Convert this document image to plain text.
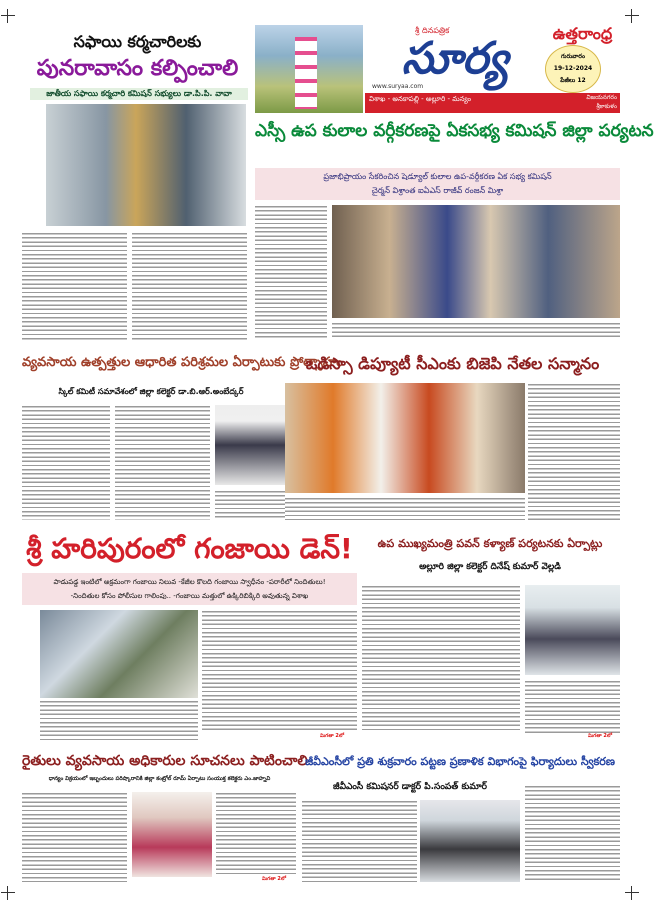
శ్రీ దినపత్రిక
సూర్య
www.suryaa.com
ఉత్తరాంధ్ర
గురువారం
19-12-2024
పేజీలు 12
విశాఖ - అనకాపల్లి - అల్లూరి - మన్యం	విజయనగరం
శ్రీకాకుళం
సఫాయి కర్మచారిలకు
పునరావాసం కల్పించాలి
జాతీయ సఫాయి కర్మచారి కమిషన్ సభ్యులు డా.పి.పి. వావా
ఎస్సీ ఉప కులాల వర్గీకరణపై ఏకసభ్య కమిషన్ జిల్లా పర్యటన
ప్రజాభిప్రాయం సేకరించిన షెడ్యూల్ కులాల ఉప-వర్గీకరణ ఏక సభ్య కమిషన్
చైర్మన్ విశ్రాంత ఐఏఎస్ రాజీవ్ రంజన్ మిశ్రా
వ్యవసాయ ఉత్పత్తుల ఆధారిత పరిశ్రమల ఏర్పాటుకు ప్రోత్సాహం
స్కిల్ కమిటీ సమావేశంలో జిల్లా కలెక్టర్ డా.బి.ఆర్.అంబేద్కర్
ఒడిస్సా డిప్యూటీ సీఎంకు బిజెపి నేతల సన్మానం
శ్రీ హరిపురంలో గంజాయి డెన్!
పాడుపడ్డ ఇంటిలో అక్రమంగా గంజాయి నిలువ -కేజీల కొలది గంజాయి స్వాధీనం -పరారీలో నిందితులు!
-నిందితుల కోసం పోలీసుల గాలింపు.. -గంజాయి మత్తులో ఉక్కిరిబిక్కిరి అవుతున్న విశాఖ
మిగతా 2లో
ఉప ముఖ్యమంత్రి పవన్ కళ్యాణ్ పర్యటనకు ఏర్పాట్లు
అల్లూరి జిల్లా కలెక్టర్ దినేష్ కుమార్ వెల్లడి
మిగతా 2లో
రైతులు వ్యవసాయ అధికారుల సూచనలు పాటించాలి
ధాన్యం విక్రయంలో ఇబ్బందులు పరిష్కారానికి జిల్లా కంట్రోల్ రూమ్ ఏర్పాటు సంయుక్త కలెక్టరు ఎం.జాహ్నవి
మిగతా 2లో
జీవీఎంసీలో ప్రతి శుక్రవారం పట్టణ ప్రణాళిక విభాగంపై ఫిర్యాదులు స్వీకరణ
జీవీఎంసీ కమిషనర్ డాక్టర్ పి.సంపత్ కుమార్
